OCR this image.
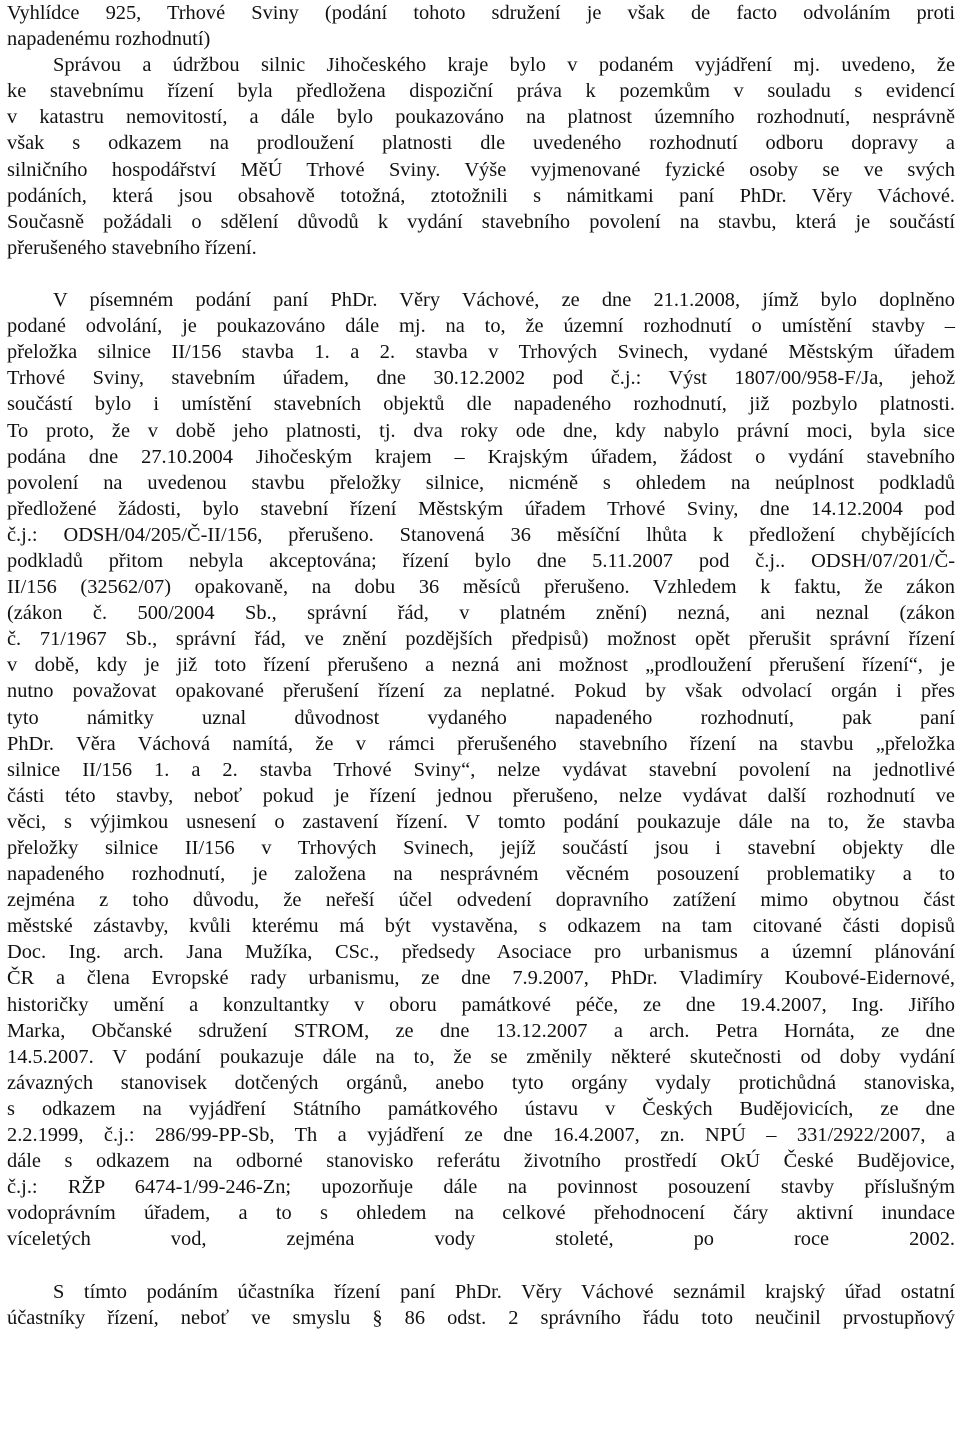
Vyhlídce 925, Trhové Sviny (podání tohoto sdružení je však de facto odvoláním proti
napadenému rozhodnutí)

Správou a údržbou silnic Jihočeského kraje bylo v podaném vyjádření mj. uvedeno, že
ke stavebnímu řízení byla předložena dispoziční práva k pozemkům v souladu s evidencí
v katastru nemovitostí, a dále bylo poukazováno na platnost územního rozhodnutí, nesprávně
však s odkazem na prodloužení platnosti dle uvedeného rozhodnutí odboru dopravy a
silničního hospodářství MěÚ Trhové Sviny. Výše vyjmenované fyzické osoby se ve svých
podáních, která jsou obsahově totožná, ztotožnili s námitkami paní PhDr. Věry Váchové.
Současně požádali o sdělení důvodů k vydání stavebního povolení na stavbu, která je součástí
přerušeného stavebního řízení.

V písemném podání paní PhDr. Věry Váchové, ze dne 21.1.2008, jímž bylo doplněno
podané odvolání, je poukazováno dále mj. na to, že územní rozhodnutí o umístění stavby –
přeložka silnice II/156 stavba 1. a 2. stavba v Trhových Svinech, vydané Městským úřadem
Trhové Sviny, stavebním úřadem, dne 30.12.2002 pod č.j.: Výst 1807/00/958-F/Ja, jehož
součástí bylo i umístění stavebních objektů dle napadeného rozhodnutí, již pozbylo platnosti.
To proto, že v době jeho platnosti, tj. dva roky ode dne, kdy nabylo právní moci, byla sice
podána dne 27.10.2004 Jihočeským krajem – Krajským úřadem, žádost o vydání stavebního
povolení na uvedenou stavbu přeložky silnice, nicméně s ohledem na neúplnost podkladů
předložené žádosti, bylo stavební řízení Městským úřadem Trhové Sviny, dne 14.12.2004 pod
č.j.: ODSH/04/205/Č-II/156, přerušeno. Stanovená 36 měsíční lhůta k předložení chybějících
podkladů přitom nebyla akceptována; řízení bylo dne 5.11.2007 pod č.j.. ODSH/07/201/Č-
II/156 (32562/07) opakovaně, na dobu 36 měsíců přerušeno. Vzhledem k faktu, že zákon
(zákon č. 500/2004 Sb., správní řád, v platném znění) nezná, ani neznal (zákon
č. 71/1967 Sb., správní řád, ve znění pozdějších předpisů) možnost opět přerušit správní řízení
v době, kdy je již toto řízení přerušeno a nezná ani možnost „prodloužení přerušení řízení“, je
nutno považovat opakované přerušení řízení za neplatné. Pokud by však odvolací orgán i přes
tyto námitky uznal důvodnost vydaného napadeného rozhodnutí, pak paní
PhDr. Věra Váchová namítá, že v rámci přerušeného stavebního řízení na stavbu „přeložka
silnice II/156 1. a 2. stavba Trhové Sviny“, nelze vydávat stavební povolení na jednotlivé
části této stavby, neboť pokud je řízení jednou přerušeno, nelze vydávat další rozhodnutí ve
věci, s výjimkou usnesení o zastavení řízení. V tomto podání poukazuje dále na to, že stavba
přeložky silnice II/156 v Trhových Svinech, jejíž součástí jsou i stavební objekty dle
napadeného rozhodnutí, je založena na nesprávném věcném posouzení problematiky a to
zejména z toho důvodu, že neřeší účel odvedení dopravního zatížení mimo obytnou část
městské zástavby, kvůli kterému má být vystavěna, s odkazem na tam citované části dopisů
Doc. Ing. arch. Jana Mužíka, CSc., předsedy Asociace pro urbanismus a územní plánování
ČR a člena Evropské rady urbanismu, ze dne 7.9.2007, PhDr. Vladimíry Koubové-Eidernové,
historičky umění a konzultantky v oboru památkové péče, ze dne 19.4.2007, Ing. Jiřího
Marka, Občanské sdružení STROM, ze dne 13.12.2007 a arch. Petra Hornáta, ze dne
14.5.2007. V podání poukazuje dále na to, že se změnily některé skutečnosti od doby vydání
závazných stanovisek dotčených orgánů, anebo tyto orgány vydaly protichůdná stanoviska,
s odkazem na vyjádření Státního památkového ústavu v Českých Budějovicích, ze dne
2.2.1999, č.j.: 286/99-PP-Sb, Th a vyjádření ze dne 16.4.2007, zn. NPÚ – 331/2922/2007, a
dále s odkazem na odborné stanovisko referátu životního prostředí OkÚ České Budějovice,
č.j.: RŽP 6474-1/99-246-Zn; upozorňuje dále na povinnost posouzení stavby příslušným
vodoprávním úřadem, a to s ohledem na celkové přehodnocení čáry aktivní inundace
víceletých vod, zejména vody stoleté, po roce 2002.

S tímto podáním účastníka řízení paní PhDr. Věry Váchové seznámil krajský úřad ostatní
účastníky řízení, neboť ve smyslu § 86 odst. 2 správního řádu toto neučinil prvostupňový
